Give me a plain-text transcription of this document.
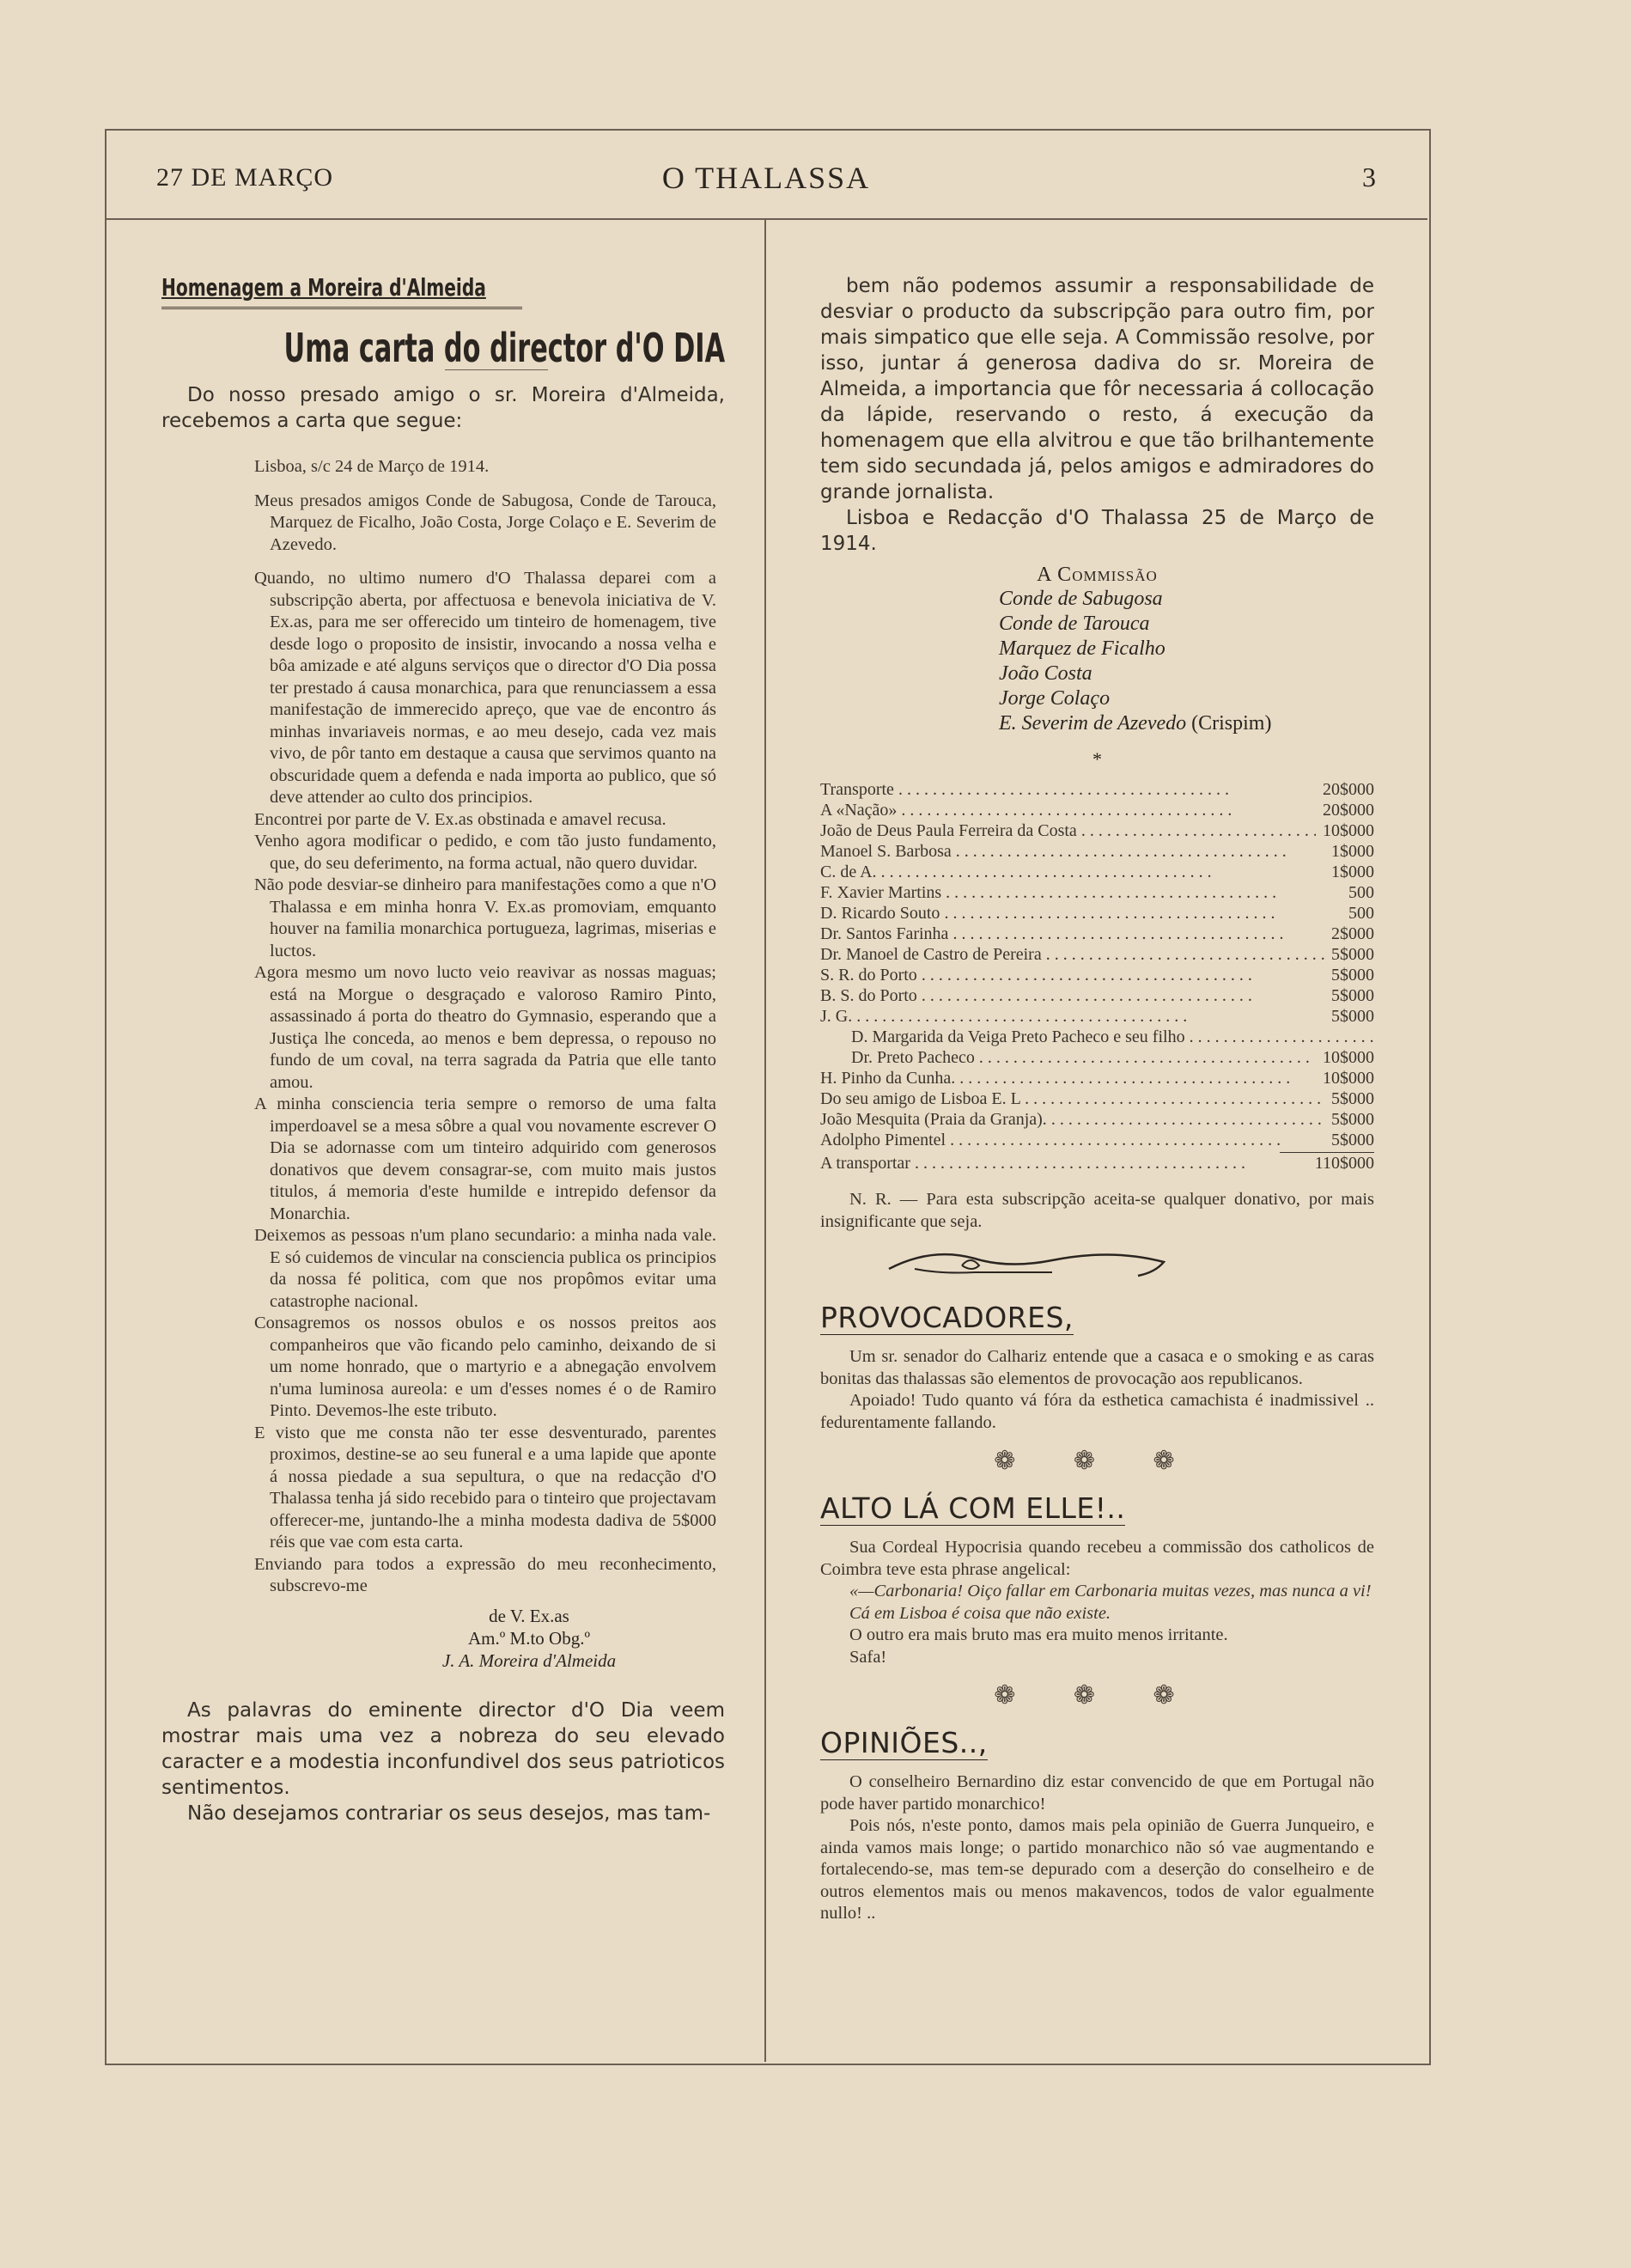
27 DE MARÇO	O THALASSA	3
Homenagem a Moreira d'Almeida
Uma carta do director d'O DIA
Do nosso presado amigo o sr. Moreira d'Almeida, recebemos a carta que segue:

Lisboa, s/c 24 de Março de 1914.

Meus presados amigos Conde de Sabugosa, Conde de Tarouca, Marquez de Ficalho, João Costa, Jorge Colaço e E. Severim de Azevedo.

Quando, no ultimo numero d'O Thalassa deparei com a subscripção aberta, por affectuosa e benevola iniciativa de V. Ex.as, para me ser offerecido um tinteiro de homenagem, tive desde logo o proposito de insistir, invocando a nossa velha e bôa amizade e até alguns serviços que o director d'O Dia possa ter prestado á causa monarchica, para que renunciassem a essa manifestação de immerecido apreço, que vae de encontro ás minhas invariaveis normas, e ao meu desejo, cada vez mais vivo, de pôr tanto em destaque a causa que servimos quanto na obscuridade quem a defenda e nada importa ao publico, que só deve attender ao culto dos principios.

Encontrei por parte de V. Ex.as obstinada e amavel recusa.

Venho agora modificar o pedido, e com tão justo fundamento, que, do seu deferimento, na forma actual, não quero duvidar.

Não pode desviar-se dinheiro para manifestações como a que n'O Thalassa e em minha honra V. Ex.as promoviam, emquanto houver na familia monarchica portugueza, lagrimas, miserias e luctos.

Agora mesmo um novo lucto veio reavivar as nossas maguas; está na Morgue o desgraçado e valoroso Ramiro Pinto, assassinado á porta do theatro do Gymnasio, esperando que a Justiça lhe conceda, ao menos e bem depressa, o repouso no fundo de um coval, na terra sagrada da Patria que elle tanto amou.

A minha consciencia teria sempre o remorso de uma falta imperdoavel se a mesa sôbre a qual vou novamente escrever O Dia se adornasse com um tinteiro adquirido com generosos donativos que devem consagrar-se, com muito mais justos titulos, á memoria d'este humilde e intrepido defensor da Monarchia.

Deixemos as pessoas n'um plano secundario: a minha nada vale. E só cuidemos de vincular na consciencia publica os principios da nossa fé politica, com que nos propômos evitar uma catastrophe nacional.

Consagremos os nossos obulos e os nossos preitos aos companheiros que vão ficando pelo caminho, deixando de si um nome honrado, que o martyrio e a abnegação envolvem n'uma luminosa aureola: e um d'esses nomes é o de Ramiro Pinto. Devemos-lhe este tributo.

E visto que me consta não ter esse desventurado, parentes proximos, destine-se ao seu funeral e a uma lapide que aponte á nossa piedade a sua sepultura, o que na redacção d'O Thalassa tenha já sido recebido para o tinteiro que projectavam offerecer-me, juntando-lhe a minha modesta dadiva de 5$000 réis que vae com esta carta.

Enviando para todos a expressão do meu reconhecimento, subscrevo-me

de V. Ex.as
Am.º M.to Obg.º
J. A. Moreira d'Almeida
As palavras do eminente director d'O Dia veem mostrar mais uma vez a nobreza do seu elevado caracter e a modestia inconfundivel dos seus patrioticos sentimentos.
Não desejamos contrariar os seus desejos, mas tam-
bem não podemos assumir a responsabilidade de desviar o producto da subscripção para outro fim, por mais simpatico que elle seja. A Commissão resolve, por isso, juntar á generosa dadiva do sr. Moreira de Almeida, a importancia que fôr necessaria á collocação da lápide, reservando o resto, á execução da homenagem que ella alvitrou e que tão brilhantemente tem sido secundada já, pelos amigos e admiradores do grande jornalista.
Lisboa e Redacção d'O Thalassa 25 de Março de 1914.
A Commissão
Conde de Sabugosa
Conde de Tarouca
Marquez de Ficalho
João Costa
Jorge Colaço
E. Severim de Azevedo (Crispim)
*
Transporte . . .	20$000
A «Nação» . . .	20$000
João de Deus Paula Ferreira da Costa . . .	10$000
Manoel S. Barbosa . . .	1$000
C. de A. . . .	1$000
F. Xavier Martins . . .	500
D. Ricardo Souto . . .	500
Dr. Santos Farinha . . .	2$000
Dr. Manoel de Castro de Pereira . . .	5$000
S. R. do Porto . . .	5$000
B. S. do Porto . . .	5$000
J. G. . . .	5$000
D. Margarida da Veiga Preto Pacheco e seu filho . . .
Dr. Preto Pacheco . . .	10$000
H. Pinho da Cunha. . . .	10$000
Do seu amigo de Lisboa E. L . . .	5$000
João Mesquita (Praia da Granja). . . .	5$000
Adolpho Pimentel . . .	5$000
A transportar . . .	110$000

N. R. — Para esta subscripção aceita-se qualquer donativo, por mais insignificante que seja.

PROVOCADORES,

Um sr. senador do Calhariz entende que a casaca e o smoking e as caras bonitas das thalassas são elementos de provocação aos republicanos.

Apoiado! Tudo quanto vá fóra da esthetica camachista é inadmissivel .. fedurentamente fallando.

❁ ❁ ❁
ALTO LÁ COM ELLE!..

Sua Cordeal Hypocrisia quando recebeu a commissão dos catholicos de Coimbra teve esta phrase angelical:

«—Carbonaria! Oiço fallar em Carbonaria muitas vezes, mas nunca a vi!

Cá em Lisboa é coisa que não existe.

O outro era mais bruto mas era muito menos irritante.

Safa!

❁ ❁ ❁
OPINIÕES..,

O conselheiro Bernardino diz estar convencido de que em Portugal não pode haver partido monarchico!

Pois nós, n'este ponto, damos mais pela opinião de Guerra Junqueiro, e ainda vamos mais longe; o partido monarchico não só vae augmentando e fortalecendo-se, mas tem-se depurado com a deserção do conselheiro e de outros elementos mais ou menos makavencos, todos de valor egualmente nullo! ..
